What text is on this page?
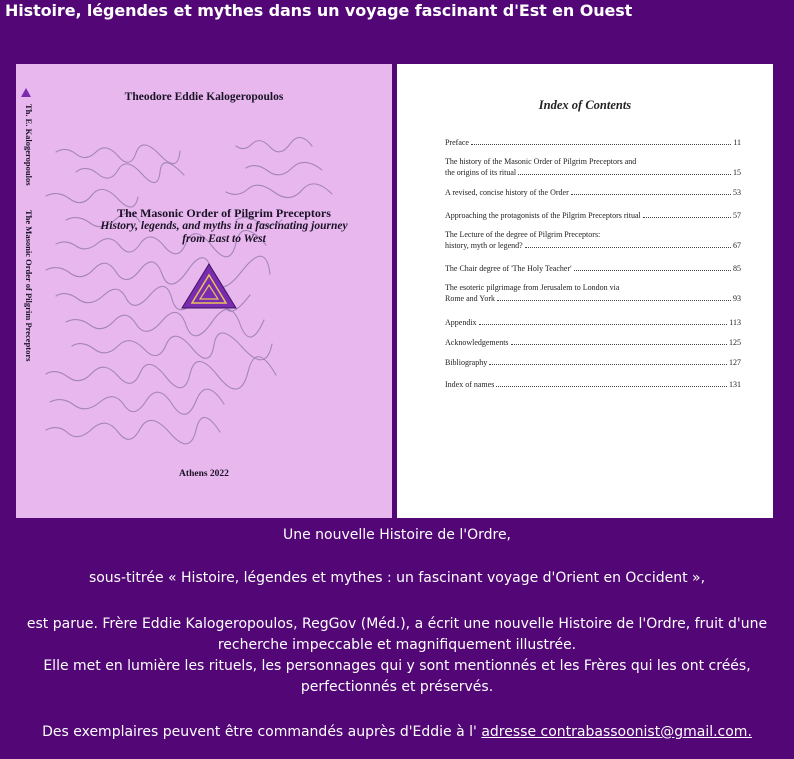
Histoire, légendes et mythes dans un voyage fascinant d'Est en Ouest
Th. E. KalogeropoulosThe Masonic Order of Pilgrim Preceptors
Theodore Eddie Kalogeropoulos
The Masonic Order of Pilgrim Preceptors
History, legends, and myths in a fascinating journey
from East to West
Athens 2022
Index of Contents
Preface	11
The history of the Masonic Order of Pilgrim Preceptors and
the origins of its ritual	15
A revised, concise history of the Order	53
Approaching the protagonists of the Pilgrim Preceptors ritual	57
The Lecture of the degree of Pilgrim Preceptors:
history, myth or legend?	67
The Chair degree of 'The Holy Teacher'	85
The esoteric pilgrimage from Jerusalem to London via
Rome and York	93
Appendix	113
Acknowledgements	125
Bibliography	127
Index of names	131
Une nouvelle Histoire de l'Ordre,
sous-titrée « Histoire, légendes et mythes : un fascinant voyage d'Orient en Occident »,
est parue. Frère Eddie Kalogeropoulos, RegGov (Méd.), a écrit une nouvelle Histoire de l'Ordre, fruit d'une
recherche impeccable et magnifiquement illustrée.
Elle met en lumière les rituels, les personnages qui y sont mentionnés et les Frères qui les ont créés,
perfectionnés et préservés.
Des exemplaires peuvent être commandés auprès d'Eddie à l' adresse contrabassoonist@gmail.com.
